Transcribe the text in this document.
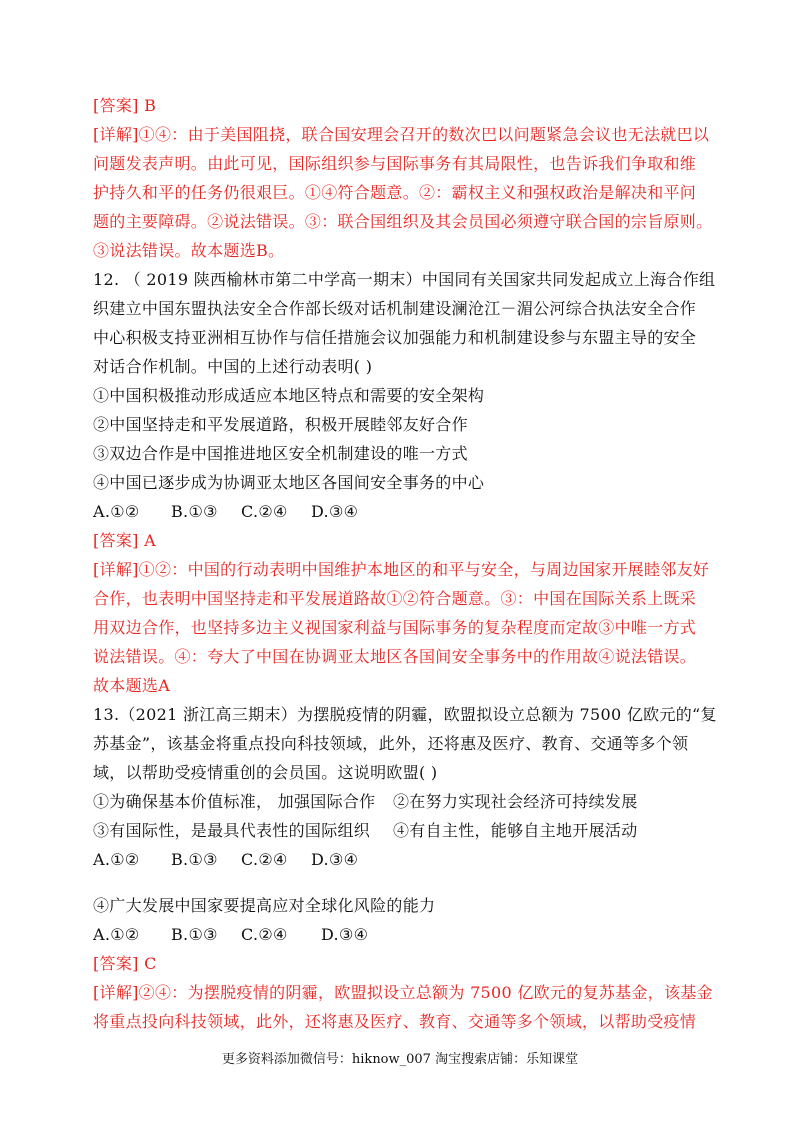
[答案] B
[详解]①④：由于美国阻挠，联合国安理会召开的数次巴以问题紧急会议也无法就巴以
问题发表声明。由此可见，国际组织参与国际事务有其局限性，也告诉我们争取和维
护持久和平的任务仍很艰巨。①④符合题意。②：霸权主义和强权政治是解决和平问
题的主要障碍。②说法错误。③：联合国组织及其会员国必须遵守联合国的宗旨原则。
③说法错误。故本题选B。
12. （ 2019 陕西榆林市第二中学高一期末）中国同有关国家共同发起成立上海合作组
织建立中国东盟执法安全合作部长级对话机制建设澜沧江－湄公河综合执法安全合作
中心积极支持亚洲相互协作与信任措施会议加强能力和机制建设参与东盟主导的安全
对话合作机制。中国的上述行动表明( )
①中国积极推动形成适应本地区特点和需要的安全架构
②中国坚持走和平发展道路，积极开展睦邻友好合作
③双边合作是中国推进地区安全机制建设的唯一方式
④中国已逐步成为协调亚太地区各国间安全事务的中心
A.①② B.①③ C.②④ D.③④
[答案] A
[详解]①②：中国的行动表明中国维护本地区的和平与安全，与周边国家开展睦邻友好
合作，也表明中国坚持走和平发展道路故①②符合题意。③：中国在国际关系上既采
用双边合作，也坚持多边主义视国家利益与国际事务的复杂程度而定故③中唯一方式
说法错误。④：夸大了中国在协调亚太地区各国间安全事务中的作用故④说法错误。
故本题选A
13.（2021 浙江高三期末）为摆脱疫情的阴霾，欧盟拟设立总额为 7500 亿欧元的“复
苏基金”，该基金将重点投向科技领域，此外，还将惠及医疗、教育、交通等多个领
域，以帮助受疫情重创的会员国。这说明欧盟( )
①为确保基本价值标准， 加强国际合作 ②在努力实现社会经济可持续发展
③有国际性，是最具代表性的国际组织 ④有自主性，能够自主地开展活动
A.①② B.①③ C.②④ D.③④
④广大发展中国家要提高应对全球化风险的能力
A.①② B.①③ C.②④ D.③④
[答案] C
[详解]②④：为摆脱疫情的阴霾，欧盟拟设立总额为 7500 亿欧元的复苏基金，该基金
将重点投向科技领域，此外，还将惠及医疗、教育、交通等多个领域，以帮助受疫情
更多资料添加微信号：hiknow_007 淘宝搜索店铺：乐知课堂
